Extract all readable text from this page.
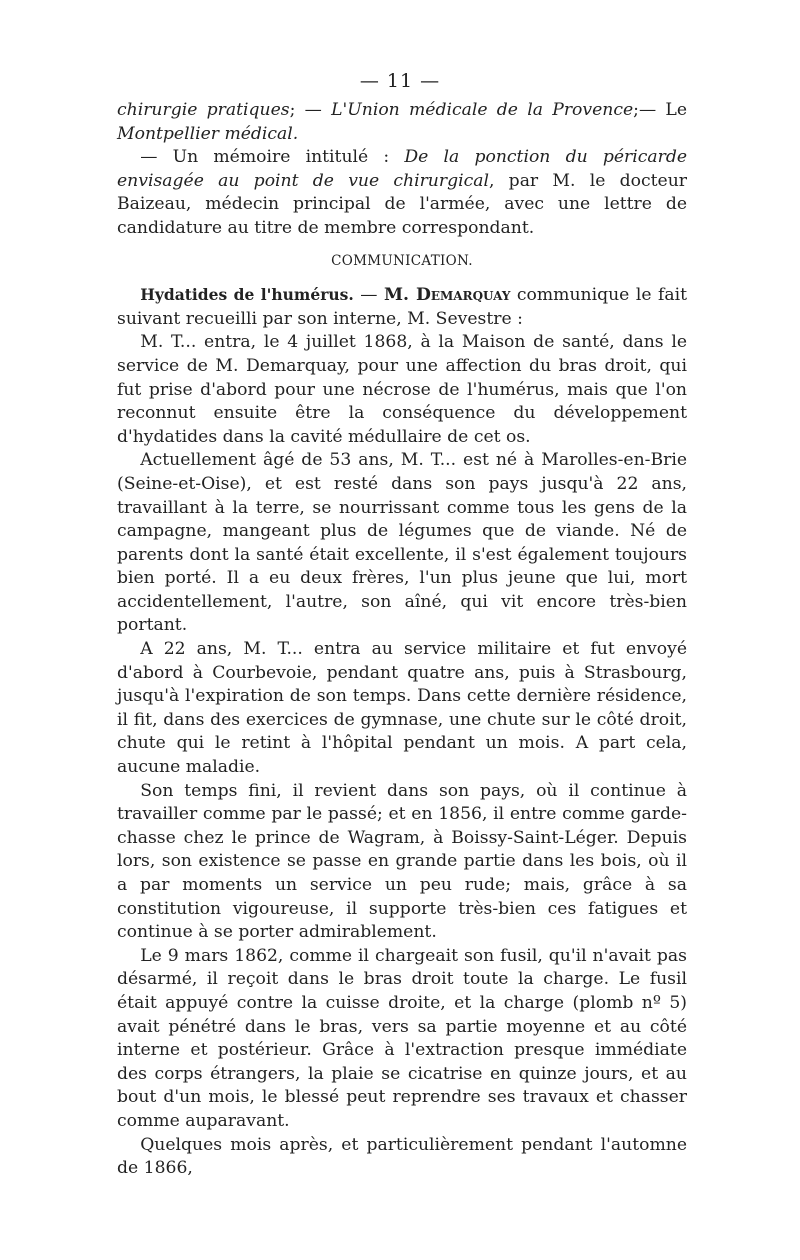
— 11 —

chirurgie pratiques; — L'Union médicale de la Provence;— Le Montpellier médical.

— Un mémoire intitulé : De la ponction du péricarde envisagée au point de vue chirurgical, par M. le docteur Baizeau, médecin principal de l'armée, avec une lettre de candidature au titre de membre correspondant.

COMMUNICATION.

Hydatides de l'humérus. — M. Demarquay communique le fait suivant recueilli par son interne, M. Sevestre :

M. T... entra, le 4 juillet 1868, à la Maison de santé, dans le service de M. Demarquay, pour une affection du bras droit, qui fut prise d'abord pour une nécrose de l'humérus, mais que l'on reconnut ensuite être la conséquence du développement d'hydatides dans la cavité médullaire de cet os.

Actuellement âgé de 53 ans, M. T... est né à Marolles-en-Brie (Seine-et-Oise), et est resté dans son pays jusqu'à 22 ans, travaillant à la terre, se nourrissant comme tous les gens de la campagne, mangeant plus de légumes que de viande. Né de parents dont la santé était excellente, il s'est également toujours bien porté. Il a eu deux frères, l'un plus jeune que lui, mort accidentellement, l'autre, son aîné, qui vit encore très-bien portant.

A 22 ans, M. T... entra au service militaire et fut envoyé d'abord à Courbevoie, pendant quatre ans, puis à Strasbourg, jusqu'à l'expiration de son temps. Dans cette dernière résidence, il fit, dans des exercices de gymnase, une chute sur le côté droit, chute qui le retint à l'hôpital pendant un mois. A part cela, aucune maladie.

Son temps fini, il revient dans son pays, où il continue à travailler comme par le passé; et en 1856, il entre comme garde-chasse chez le prince de Wagram, à Boissy-Saint-Léger. Depuis lors, son existence se passe en grande partie dans les bois, où il a par moments un service un peu rude; mais, grâce à sa constitution vigoureuse, il supporte très-bien ces fatigues et continue à se porter admirablement.

Le 9 mars 1862, comme il chargeait son fusil, qu'il n'avait pas désarmé, il reçoit dans le bras droit toute la charge. Le fusil était appuyé contre la cuisse droite, et la charge (plomb nº 5) avait pénétré dans le bras, vers sa partie moyenne et au côté interne et postérieur. Grâce à l'extraction presque immédiate des corps étrangers, la plaie se cicatrise en quinze jours, et au bout d'un mois, le blessé peut reprendre ses travaux et chasser comme auparavant.

Quelques mois après, et particulièrement pendant l'automne de 1866,
